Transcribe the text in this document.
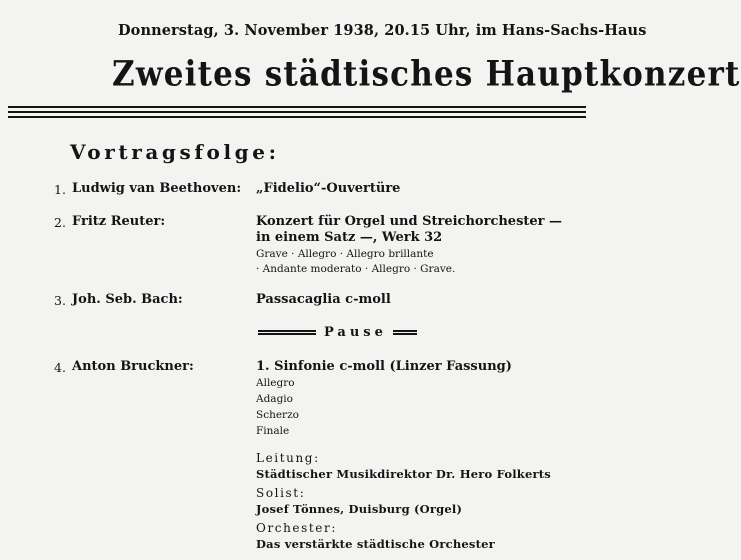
Donnerstag, 3. November 1938, 20.15 Uhr, im Hans-Sachs-Haus
Zweites städtisches Hauptkonzert
Vortragsfolge:
1. Ludwig van Beethoven: „Fidelio“-Ouvertüre
2. Fritz Reuter:	Konzert für Orgel und Streichorchester —
in einem Satz —, Werk 32
Grave · Allegro · Allegro brillante
· Andante moderato · Allegro · Grave.
3. Joh. Seb. Bach:	Passacaglia c-moll
Pause
4. Anton Bruckner:	1. Sinfonie c-moll (Linzer Fassung)
Allegro
Adagio
Scherzo
Finale
Leitung:
Städtischer Musikdirektor Dr. Hero Folkerts
Solist:
Josef Tönnes, Duisburg (Orgel)
Orchester:
Das verstärkte städtische Orchester
